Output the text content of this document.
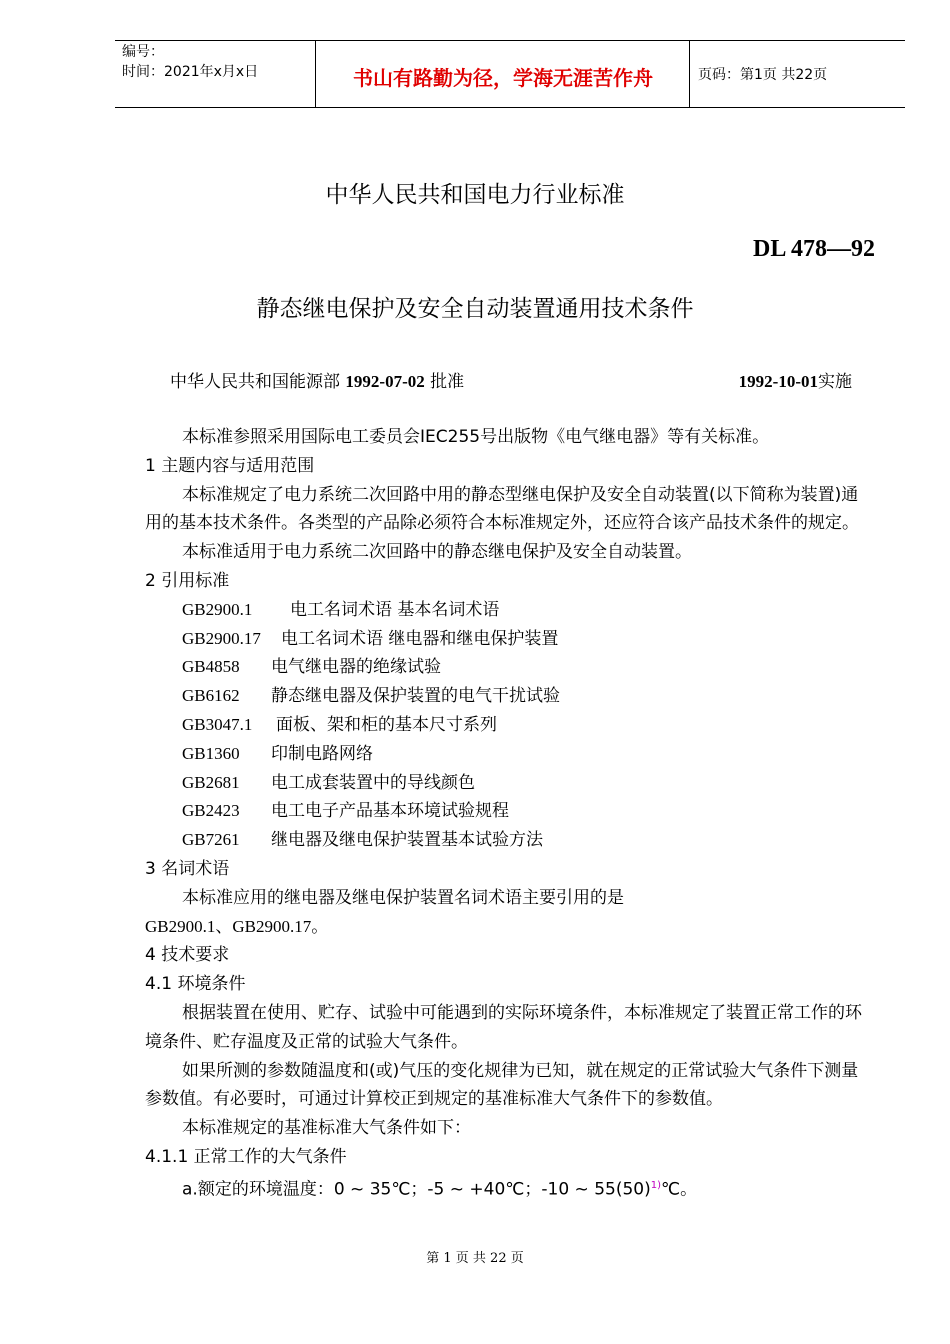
编号：
时间：2021年x月x日	书山有路勤为径，学海无涯苦作舟	页码：第1页 共22页
中华人民共和国电力行业标准
DL 478—92
静态继电保护及安全自动装置通用技术条件
中华人民共和国能源部 1992-07-02 批准	1992-10-01实施

本标准参照采用国际电工委员会IEC255号出版物《电气继电器》等有关标准。

1 主题内容与适用范围

本标准规定了电力系统二次回路中用的静态型继电保护及安全自动装置(以下简称为装置)通用的基本技术条件。各类型的产品除必须符合本标准规定外，还应符合该产品技术条件的规定。

本标准适用于电力系统二次回路中的静态继电保护及安全自动装置。

2 引用标准

GB2900.1 电工名词术语 基本名词术语

GB2900.17 电工名词术语 继电器和继电保护装置

GB4858 电气继电器的绝缘试验

GB6162 静态继电器及保护装置的电气干扰试验

GB3047.1 面板、架和柜的基本尺寸系列

GB1360 印制电路网络

GB2681 电工成套装置中的导线颜色

GB2423 电工电子产品基本环境试验规程

GB7261 继电器及继电保护装置基本试验方法

3 名词术语

本标准应用的继电器及继电保护装置名词术语主要引用的是

GB2900.1、GB2900.17。

4 技术要求

4.1 环境条件

根据装置在使用、贮存、试验中可能遇到的实际环境条件，本标准规定了装置正常工作的环境条件、贮存温度及正常的试验大气条件。

如果所测的参数随温度和(或)气压的变化规律为已知，就在规定的正常试验大气条件下测量参数值。有必要时，可通过计算校正到规定的基准标准大气条件下的参数值。

本标准规定的基准标准大气条件如下：

4.1.1 正常工作的大气条件

a.额定的环境温度：0 ~ 35℃；-5 ~ +40℃；-10 ~ $55(50)^{1)}℃$。

第 1 页 共 22 页
